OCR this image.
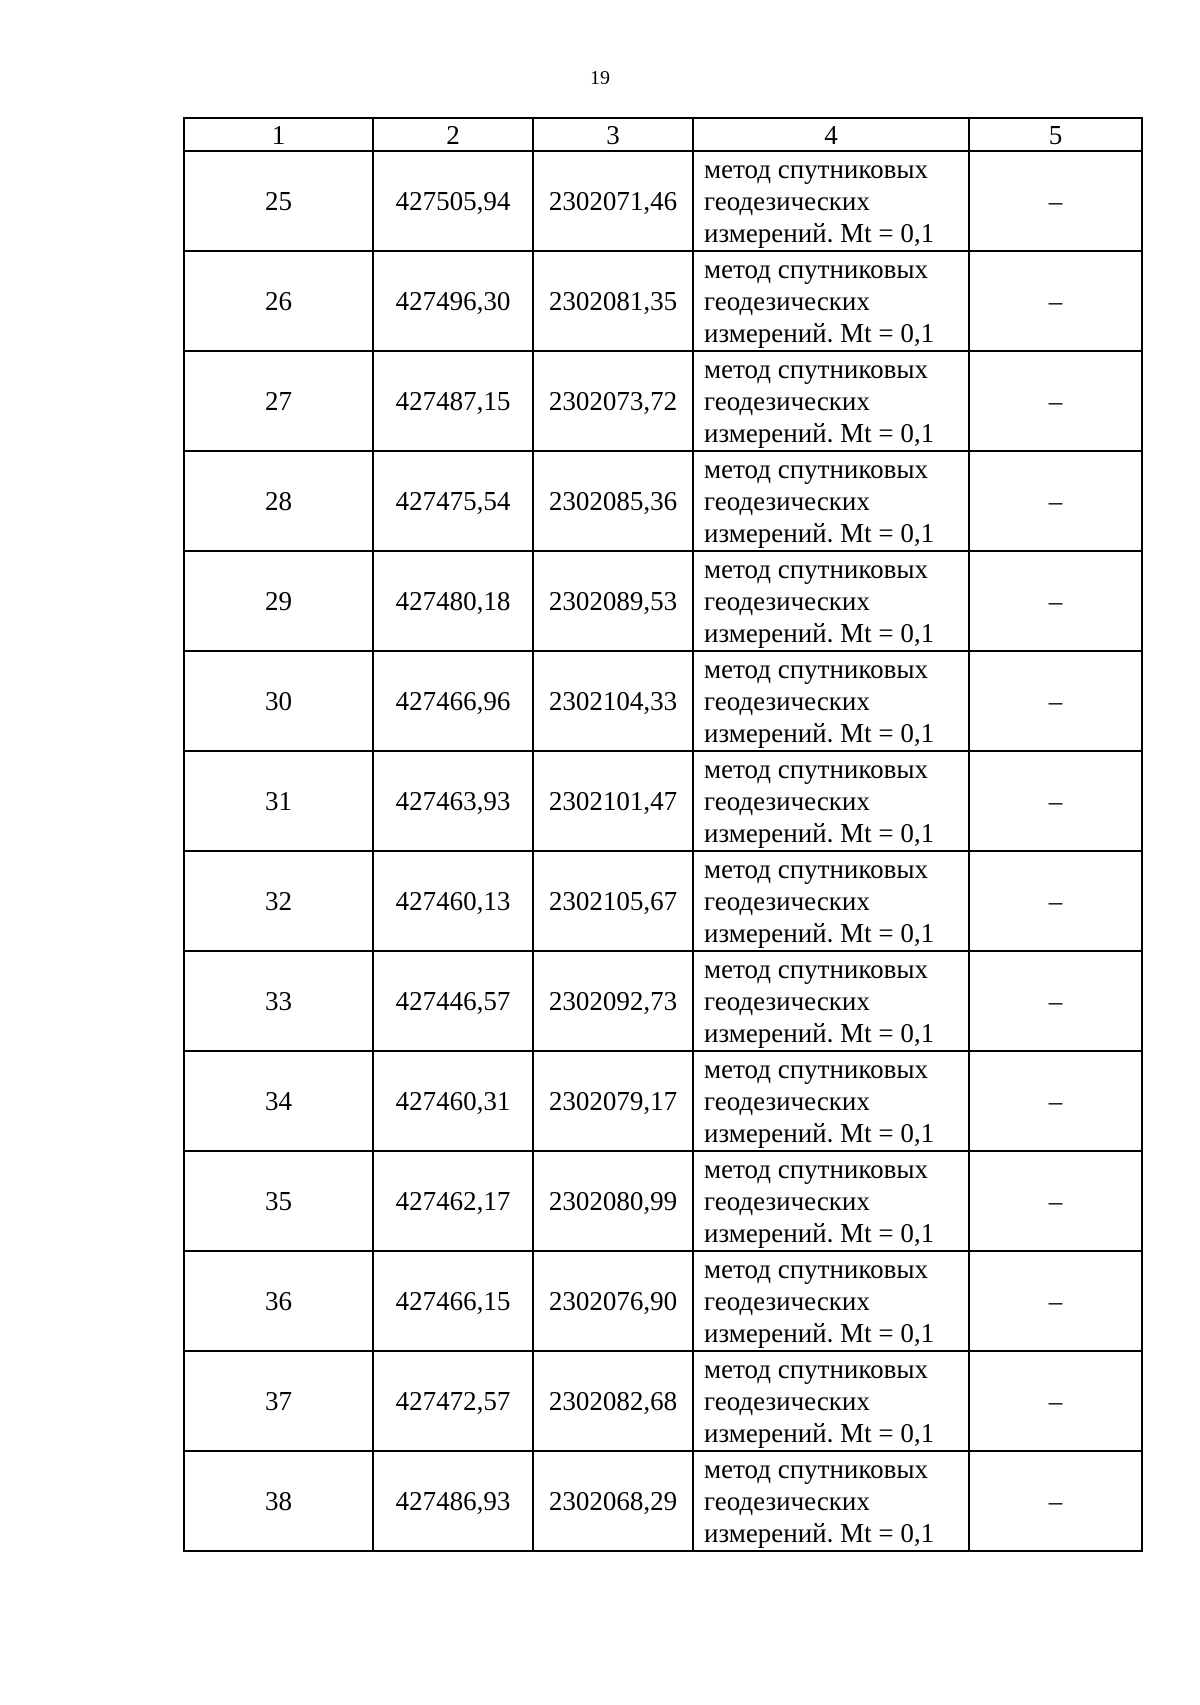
19
1	2	3	4	5
25	427505,94	2302071,46	метод спутниковых
геодезических
измерений. Mt = 0,1	–
26	427496,30	2302081,35	метод спутниковых
геодезических
измерений. Mt = 0,1	–
27	427487,15	2302073,72	метод спутниковых
геодезических
измерений. Mt = 0,1	–
28	427475,54	2302085,36	метод спутниковых
геодезических
измерений. Mt = 0,1	–
29	427480,18	2302089,53	метод спутниковых
геодезических
измерений. Mt = 0,1	–
30	427466,96	2302104,33	метод спутниковых
геодезических
измерений. Mt = 0,1	–
31	427463,93	2302101,47	метод спутниковых
геодезических
измерений. Mt = 0,1	–
32	427460,13	2302105,67	метод спутниковых
геодезических
измерений. Mt = 0,1	–
33	427446,57	2302092,73	метод спутниковых
геодезических
измерений. Mt = 0,1	–
34	427460,31	2302079,17	метод спутниковых
геодезических
измерений. Mt = 0,1	–
35	427462,17	2302080,99	метод спутниковых
геодезических
измерений. Mt = 0,1	–
36	427466,15	2302076,90	метод спутниковых
геодезических
измерений. Mt = 0,1	–
37	427472,57	2302082,68	метод спутниковых
геодезических
измерений. Mt = 0,1	–
38	427486,93	2302068,29	метод спутниковых
геодезических
измерений. Mt = 0,1	–
